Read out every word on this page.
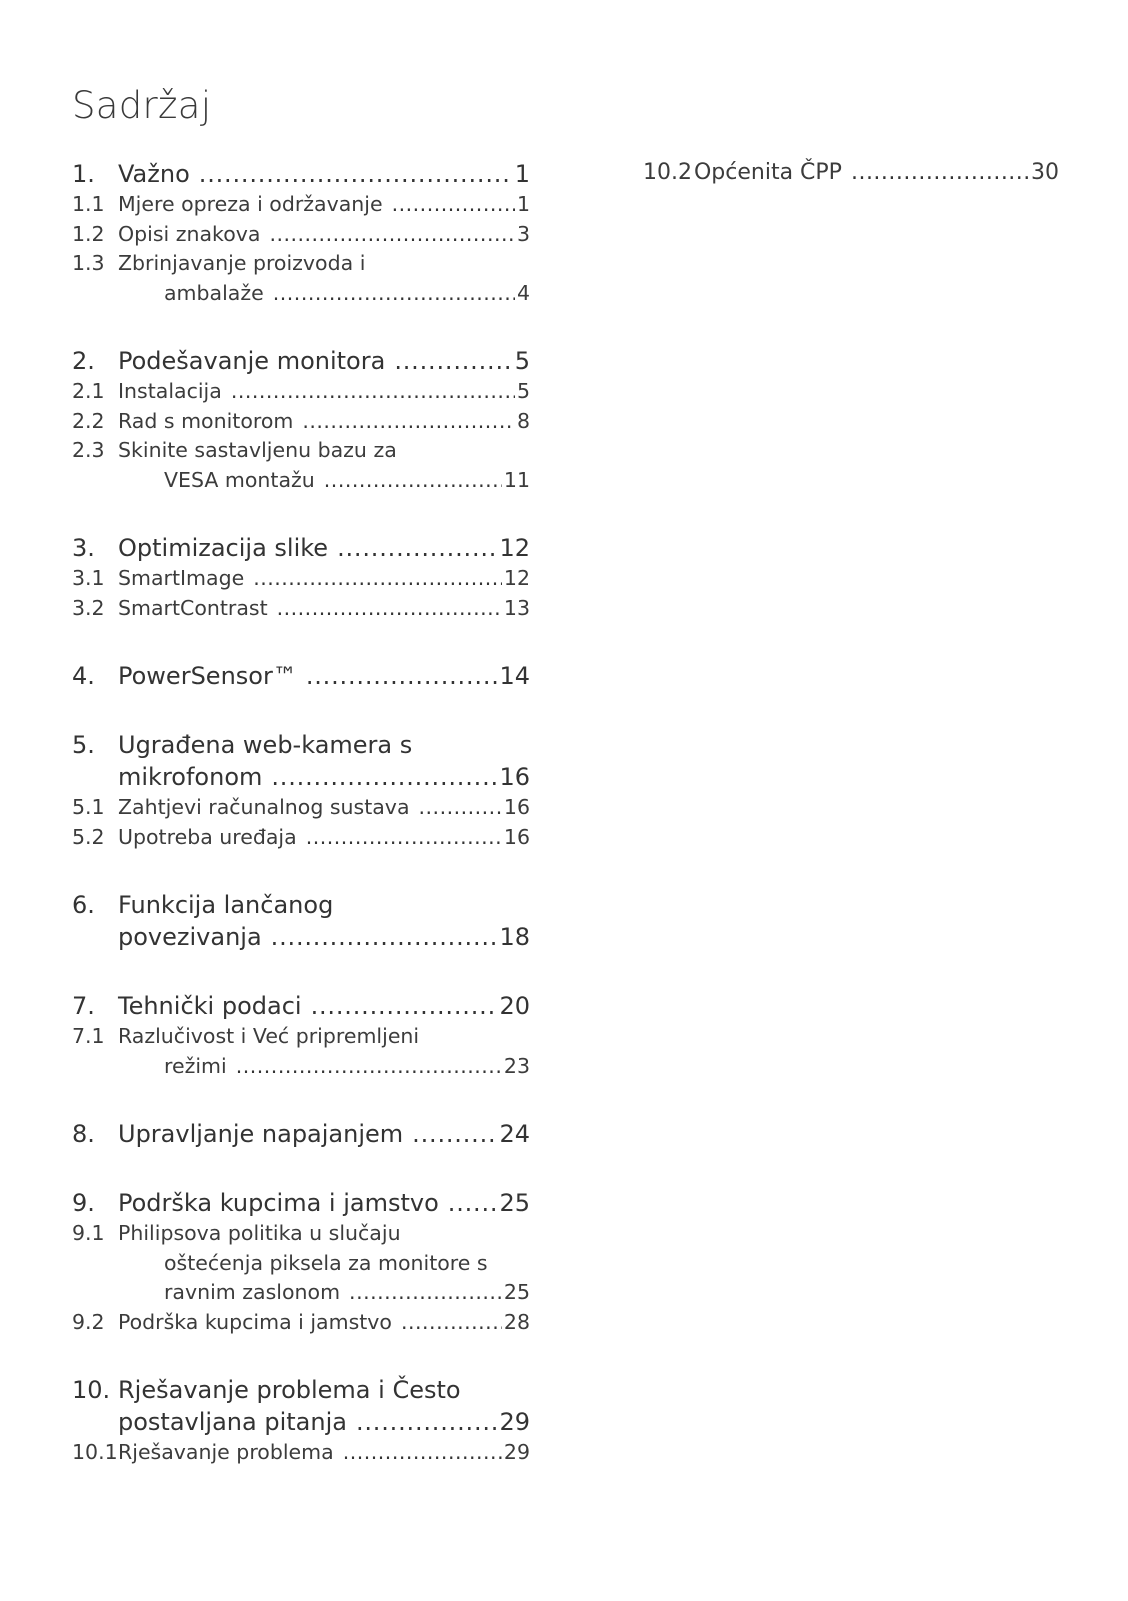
Sadržaj
1. Važno .....	1
1.1 Mjere opreza i održavanje .....	1
1.2 Opisi znakova .....	3
1.3 Zbrinjavanje proizvoda i
ambalaže .....	4
2. Podešavanje monitora .....	5
2.1 Instalacija .....	5
2.2 Rad s monitorom .....	8
2.3 Skinite sastavljenu bazu za
VESA montažu .....	11
3. Optimizacija slike .....	12
3.1 SmartImage .....	12
3.2 SmartContrast .....	13
4. PowerSensor™ .....	14
5. Ugrađena web-kamera s
mikrofonom .....	16
5.1 Zahtjevi računalnog sustava .....	16
5.2 Upotreba uređaja .....	16
6. Funkcija lančanog
povezivanja .....	18
7. Tehnički podaci .....	20
7.1 Razlučivost i Već pripremljeni
režimi .....	23
8. Upravljanje napajanjem .....	24
9. Podrška kupcima i jamstvo .....	25
9.1 Philipsova politika u slučaju
oštećenja piksela za monitore s
ravnim zaslonom .....	25
9.2 Podrška kupcima i jamstvo .....	28
10. Rješavanje problema i Često
postavljana pitanja .....	29
10.1 Rješavanje problema .....	29
10.2 Općenita ČPP .....	30
